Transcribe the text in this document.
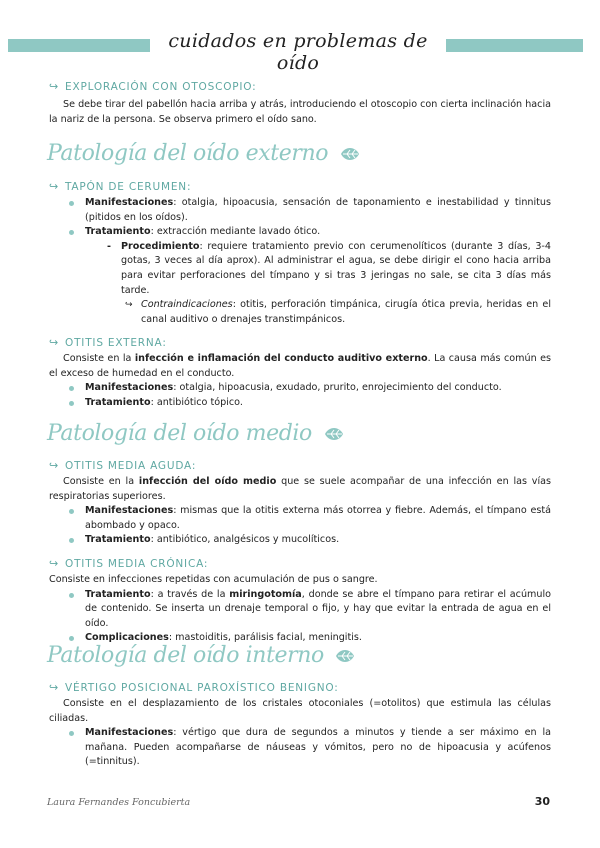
cuidados en problemas de oído
↪ EXPLORACIÓN CON OTOSCOPIO:

Se debe tirar del pabellón hacia arriba y atrás, introduciendo el otoscopio con cierta inclinación hacia la nariz de la persona. Se observa primero el oído sano.

Patología del oído externo
↪ TAPÓN DE CERUMEN:
Manifestaciones: otalgia, hipoacusia, sensación de taponamiento e inestabilidad y tinnitus (pitidos en los oídos).
Tratamiento: extracción mediante lavado ótico.
- Procedimiento: requiere tratamiento previo con cerumenolíticos (durante 3 días, 3-4 gotas, 3 veces al día aprox). Al administrar el agua, se debe dirigir el cono hacia arriba para evitar perforaciones del tímpano y si tras 3 jeringas no sale, se cita 3 días más tarde.
↪ Contraindicaciones: otitis, perforación timpánica, cirugía ótica previa, heridas en el canal auditivo o drenajes transtimpánicos.
↪ OTITIS EXTERNA:

Consiste en la infección e inflamación del conducto auditivo externo. La causa más común es el exceso de humedad en el conducto.

Manifestaciones: otalgia, hipoacusia, exudado, prurito, enrojecimiento del conducto.
Tratamiento: antibiótico tópico.
Patología del oído medio
↪ OTITIS MEDIA AGUDA:

Consiste en la infección del oído medio que se suele acompañar de una infección en las vías respiratorias superiores.

Manifestaciones: mismas que la otitis externa más otorrea y fiebre. Además, el tímpano está abombado y opaco.
Tratamiento: antibiótico, analgésicos y mucolíticos.
↪ OTITIS MEDIA CRÓNICA:

Consiste en infecciones repetidas con acumulación de pus o sangre.

Tratamiento: a través de la miringotomía, donde se abre el tímpano para retirar el acúmulo de contenido. Se inserta un drenaje temporal o fijo, y hay que evitar la entrada de agua en el oído.
Complicaciones: mastoiditis, parálisis facial, meningitis.
Patología del oído interno
↪ VÉRTIGO POSICIONAL PAROXÍSTICO BENIGNO:

Consiste en el desplazamiento de los cristales otoconiales (=otolitos) que estimula las células ciliadas.

Manifestaciones: vértigo que dura de segundos a minutos y tiende a ser máximo en la mañana. Pueden acompañarse de náuseas y vómitos, pero no de hipoacusia y acúfenos (=tinnitus).
Laura Fernandes Foncubierta	30
